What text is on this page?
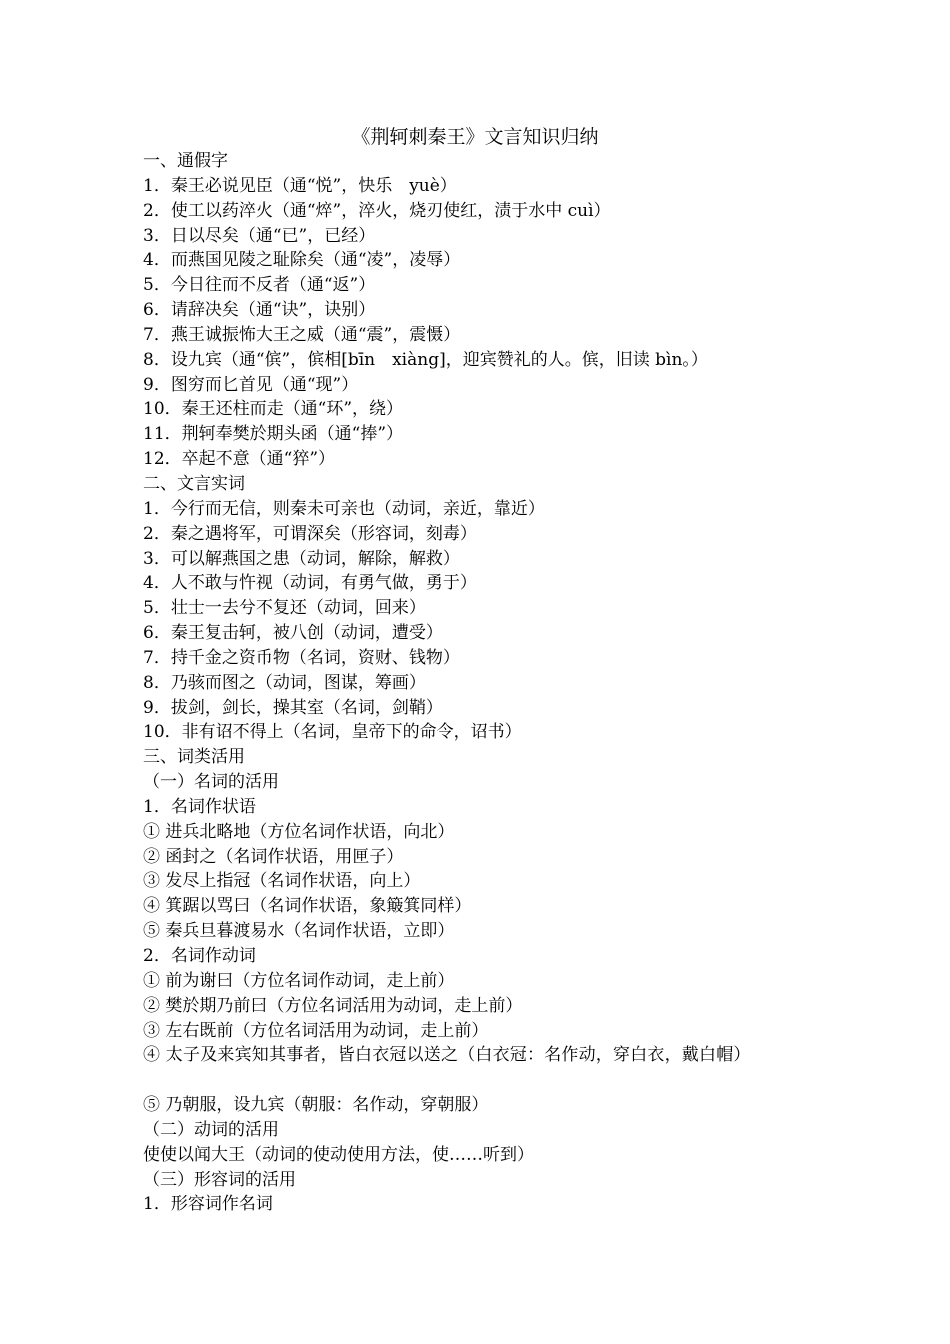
《荆轲刺秦王》文言知识归纳
一、通假字
1．秦王必说见臣（通“悦”，快乐　yuè）
2．使工以药淬火（通“焠”，淬火，烧刃使红，渍于水中 cuì）
3．日以尽矣（通“已”，已经）
4．而燕国见陵之耻除矣（通“凌”，凌辱）
5．今日往而不反者（通“返”）
6．请辞决矣（通“诀”，诀别）
7．燕王诚振怖大王之威（通“震”，震慑）
8．设九宾（通“傧”，傧相[bīn　xiàng]，迎宾赞礼的人。傧，旧读 bìn。）
9．图穷而匕首见（通“现”）
10．秦王还柱而走（通“环”，绕）
11．荆轲奉樊於期头函（通“捧”）
12．卒起不意（通“猝”）
二、文言实词
1．今行而无信，则秦未可亲也（动词，亲近，靠近）
2．秦之遇将军，可谓深矣（形容词，刻毒）
3．可以解燕国之患（动词，解除，解救）
4．人不敢与忤视（动词，有勇气做，勇于）
5．壮士一去兮不复还（动词，回来）
6．秦王复击轲，被八创（动词，遭受）
7．持千金之资币物（名词，资财、钱物）
8．乃骇而图之（动词，图谋，筹画）
9．拔剑，剑长，操其室（名词，剑鞘）
10．非有诏不得上（名词，皇帝下的命令，诏书）
三、词类活用
（一）名词的活用
1．名词作状语
① 进兵北略地（方位名词作状语，向北）
② 函封之（名词作状语，用匣子）
③ 发尽上指冠（名词作状语，向上）
④ 箕踞以骂曰（名词作状语，象簸箕同样）
⑤ 秦兵旦暮渡易水（名词作状语，立即）
2．名词作动词
① 前为谢曰（方位名词作动词，走上前）
② 樊於期乃前曰（方位名词活用为动词，走上前）
③ 左右既前（方位名词活用为动词，走上前）
④ 太子及来宾知其事者，皆白衣冠以送之（白衣冠：名作动，穿白衣，戴白帽）
⑤ 乃朝服，设九宾（朝服：名作动，穿朝服）
（二）动词的活用
使使以闻大王（动词的使动使用方法，使……听到）
（三）形容词的活用
1．形容词作名词
